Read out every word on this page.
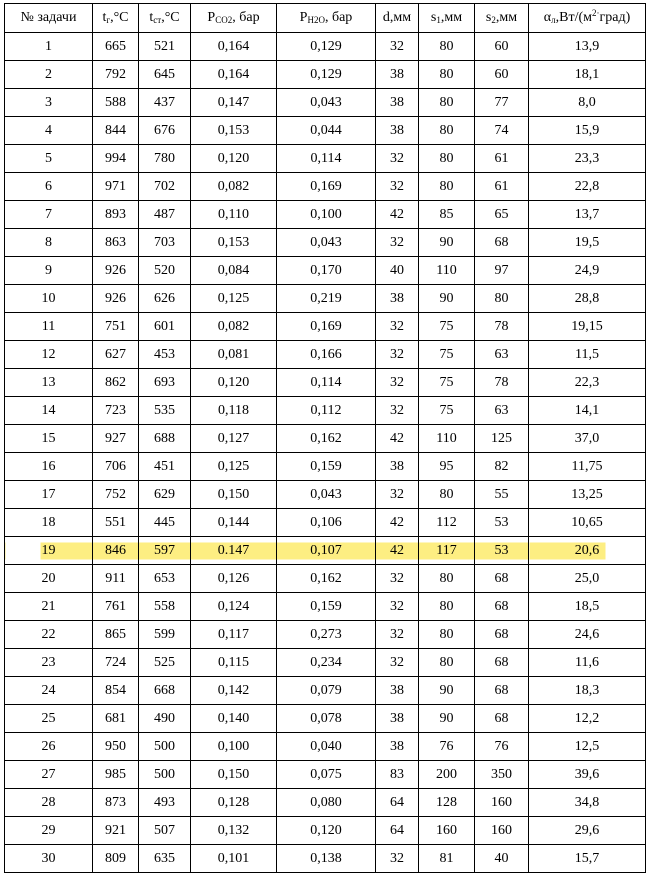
№ задачи	$t_г,^\circ С$	$t_{ст},^\circ С$	$P_{CO2}$, бар	$P_{H2O}$, бар	d,мм	$s_1,мм$	$s_2,мм$	$\alpha_л,Вт/(м^{2\cdot}град)$
1	665	521	0,164	0,129	32	80	60	13,9
2	792	645	0,164	0,129	38	80	60	18,1
3	588	437	0,147	0,043	38	80	77	8,0
4	844	676	0,153	0,044	38	80	74	15,9
5	994	780	0,120	0,114	32	80	61	23,3
6	971	702	0,082	0,169	32	80	61	22,8
7	893	487	0,110	0,100	42	85	65	13,7
8	863	703	0,153	0,043	32	90	68	19,5
9	926	520	0,084	0,170	40	110	97	24,9
10	926	626	0,125	0,219	38	90	80	28,8
11	751	601	0,082	0,169	32	75	78	19,15
12	627	453	0,081	0,166	32	75	63	11,5
13	862	693	0,120	0,114	32	75	78	22,3
14	723	535	0,118	0,112	32	75	63	14,1
15	927	688	0,127	0,162	42	110	125	37,0
16	706	451	0,125	0,159	38	95	82	11,75
17	752	629	0,150	0,043	32	80	55	13,25
18	551	445	0,144	0,106	42	112	53	10,65
19	846	597	0.147	0,107	42	117	53	20,6
20	911	653	0,126	0,162	32	80	68	25,0
21	761	558	0,124	0,159	32	80	68	18,5
22	865	599	0,117	0,273	32	80	68	24,6
23	724	525	0,115	0,234	32	80	68	11,6
24	854	668	0,142	0,079	38	90	68	18,3
25	681	490	0,140	0,078	38	90	68	12,2
26	950	500	0,100	0,040	38	76	76	12,5
27	985	500	0,150	0,075	83	200	350	39,6
28	873	493	0,128	0,080	64	128	160	34,8
29	921	507	0,132	0,120	64	160	160	29,6
30	809	635	0,101	0,138	32	81	40	15,7
